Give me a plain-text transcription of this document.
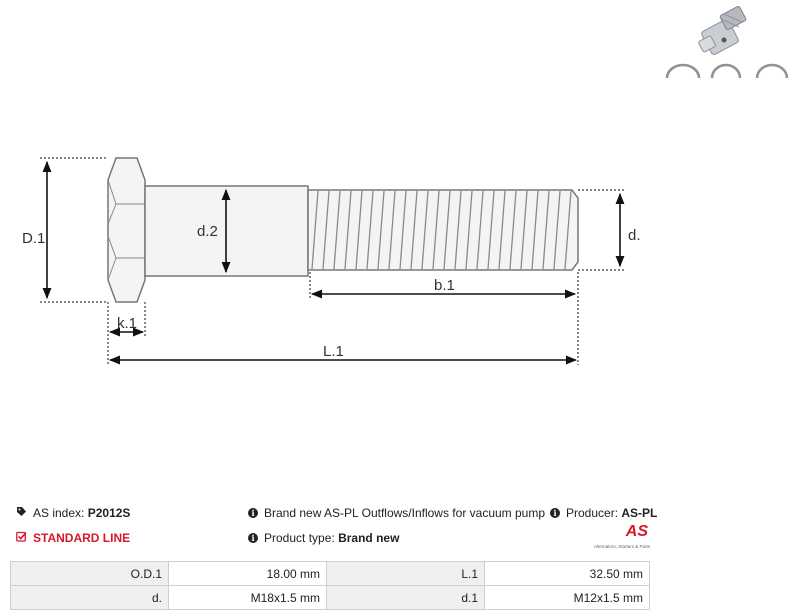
D.1	d.2	d.
b.1
k.1
L.1
AS index:
P2012S
STANDARD LINE
i Brand new AS-PL Outflows/Inflows for vacuum pump
i Product type:
Brand new
i Producer:
AS-PL
AS
Alternators, Starters & Parts
O.D.1	18.00 mm	L.1	32.50 mm
d.	M18x1.5 mm	d.1	M12x1.5 mm
